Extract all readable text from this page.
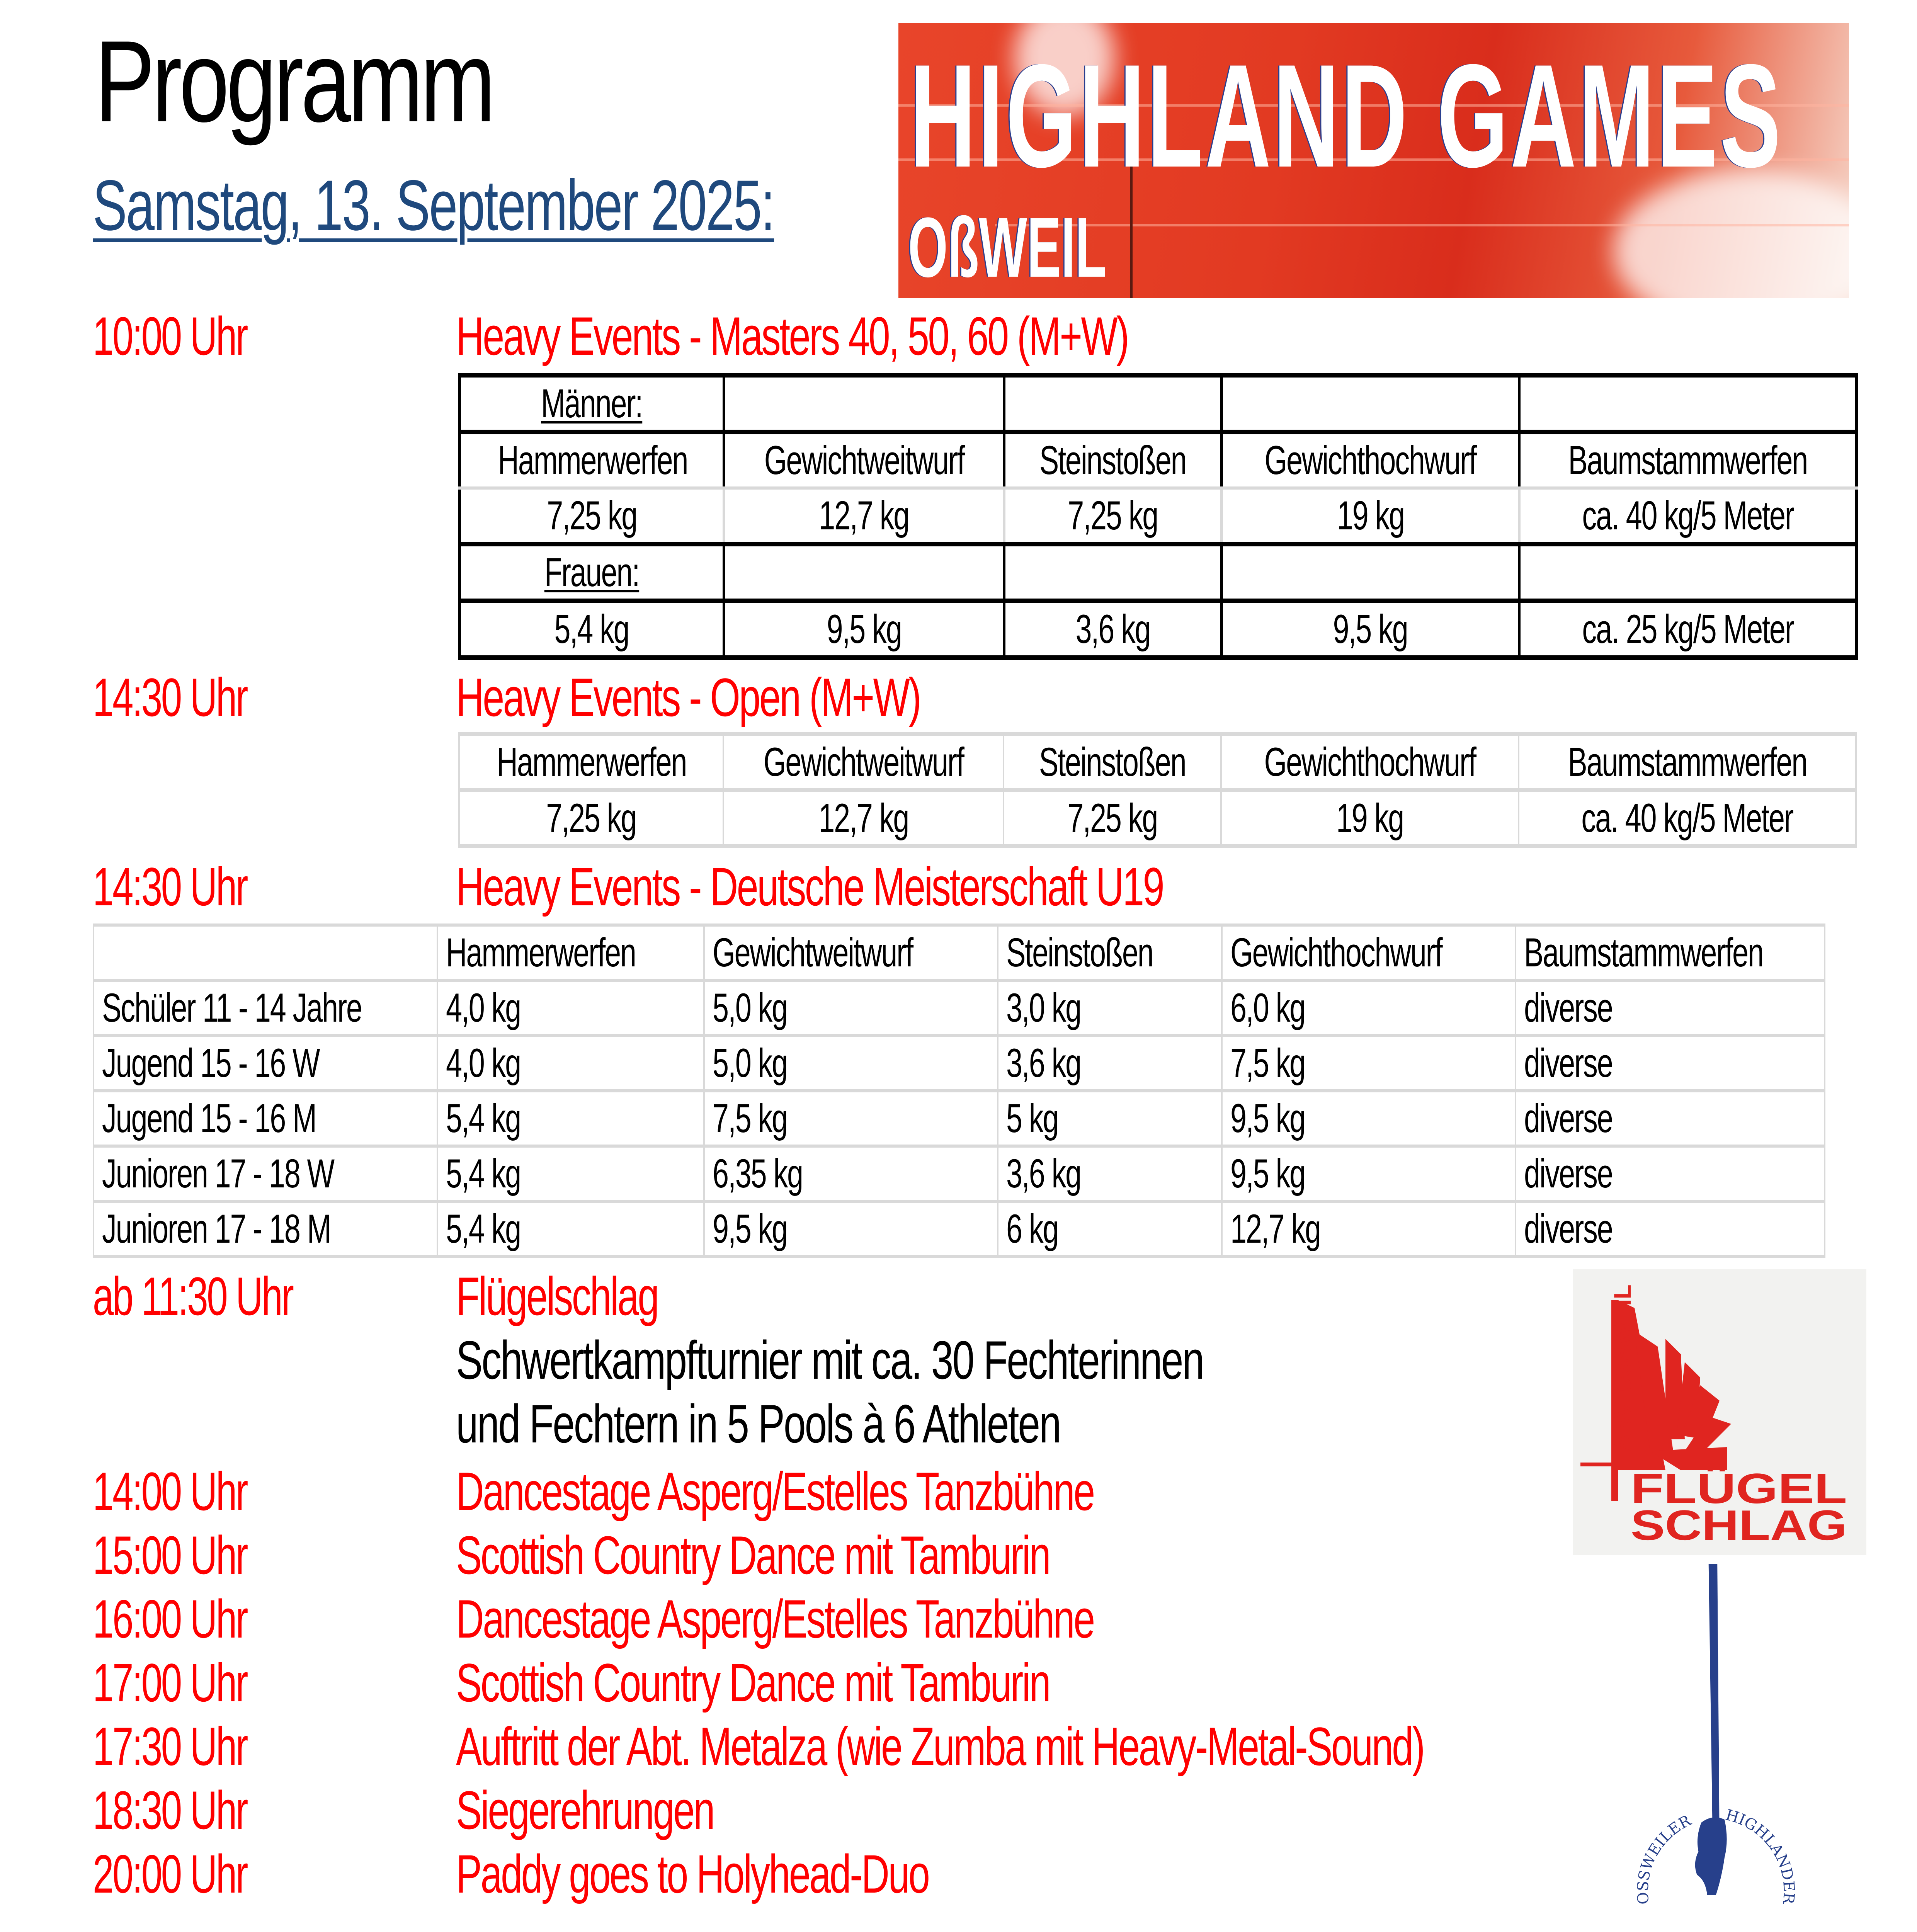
HIGHLAND GAMES
OßWEIL
Programm
Samstag, 13. September 2025:
10:00 Uhr	Heavy Events - Masters 40, 50, 60 (M+W)
Männer:				
Hammerwerfen	Gewichtweitwurf	Steinstoßen	Gewichthochwurf	Baumstammwerfen
7,25 kg	12,7 kg	7,25 kg	19 kg	ca. 40 kg/5 Meter
Frauen:				
5,4 kg	9,5 kg	3,6 kg	9,5 kg	ca. 25 kg/5 Meter
14:30 Uhr	Heavy Events - Open (M+W)
Hammerwerfen	Gewichtweitwurf	Steinstoßen	Gewichthochwurf	Baumstammwerfen
7,25 kg	12,7 kg	7,25 kg	19 kg	ca. 40 kg/5 Meter
14:30 Uhr	Heavy Events - Deutsche Meisterschaft U19
	Hammerwerfen	Gewichtweitwurf	Steinstoßen	Gewichthochwurf	Baumstammwerfen
Schüler 11 - 14 Jahre	4,0 kg	5,0 kg	3,0 kg	6,0 kg	diverse
Jugend 15 - 16 W	4,0 kg	5,0 kg	3,6 kg	7,5 kg	diverse
Jugend 15 - 16 M	5,4 kg	7,5 kg	5 kg	9,5 kg	diverse
Junioren 17 - 18 W	5,4 kg	6,35 kg	3,6 kg	9,5 kg	diverse
Junioren 17 - 18 M	5,4 kg	9,5 kg	6 kg	12,7 kg	diverse
ab 11:30 Uhr	Flügelschlag
Schwertkampfturnier mit ca. 30 Fechterinnen
und Fechtern in 5 Pools à 6 Athleten
14:00 Uhr	Dancestage Asperg/Estelles Tanzbühne
15:00 Uhr	Scottish Country Dance mit Tamburin
16:00 Uhr	Dancestage Asperg/Estelles Tanzbühne
17:00 Uhr	Scottish Country Dance mit Tamburin
17:30 Uhr	Auftritt der Abt. Metalza (wie Zumba mit Heavy-Metal-Sound)
18:30 Uhr	Siegerehrungen
20:00 Uhr	Paddy goes to Holyhead-Duo
ASV OSSWEIL
FLÜGEL
SCHLAG
OSSWEILER HIGHLANDER
